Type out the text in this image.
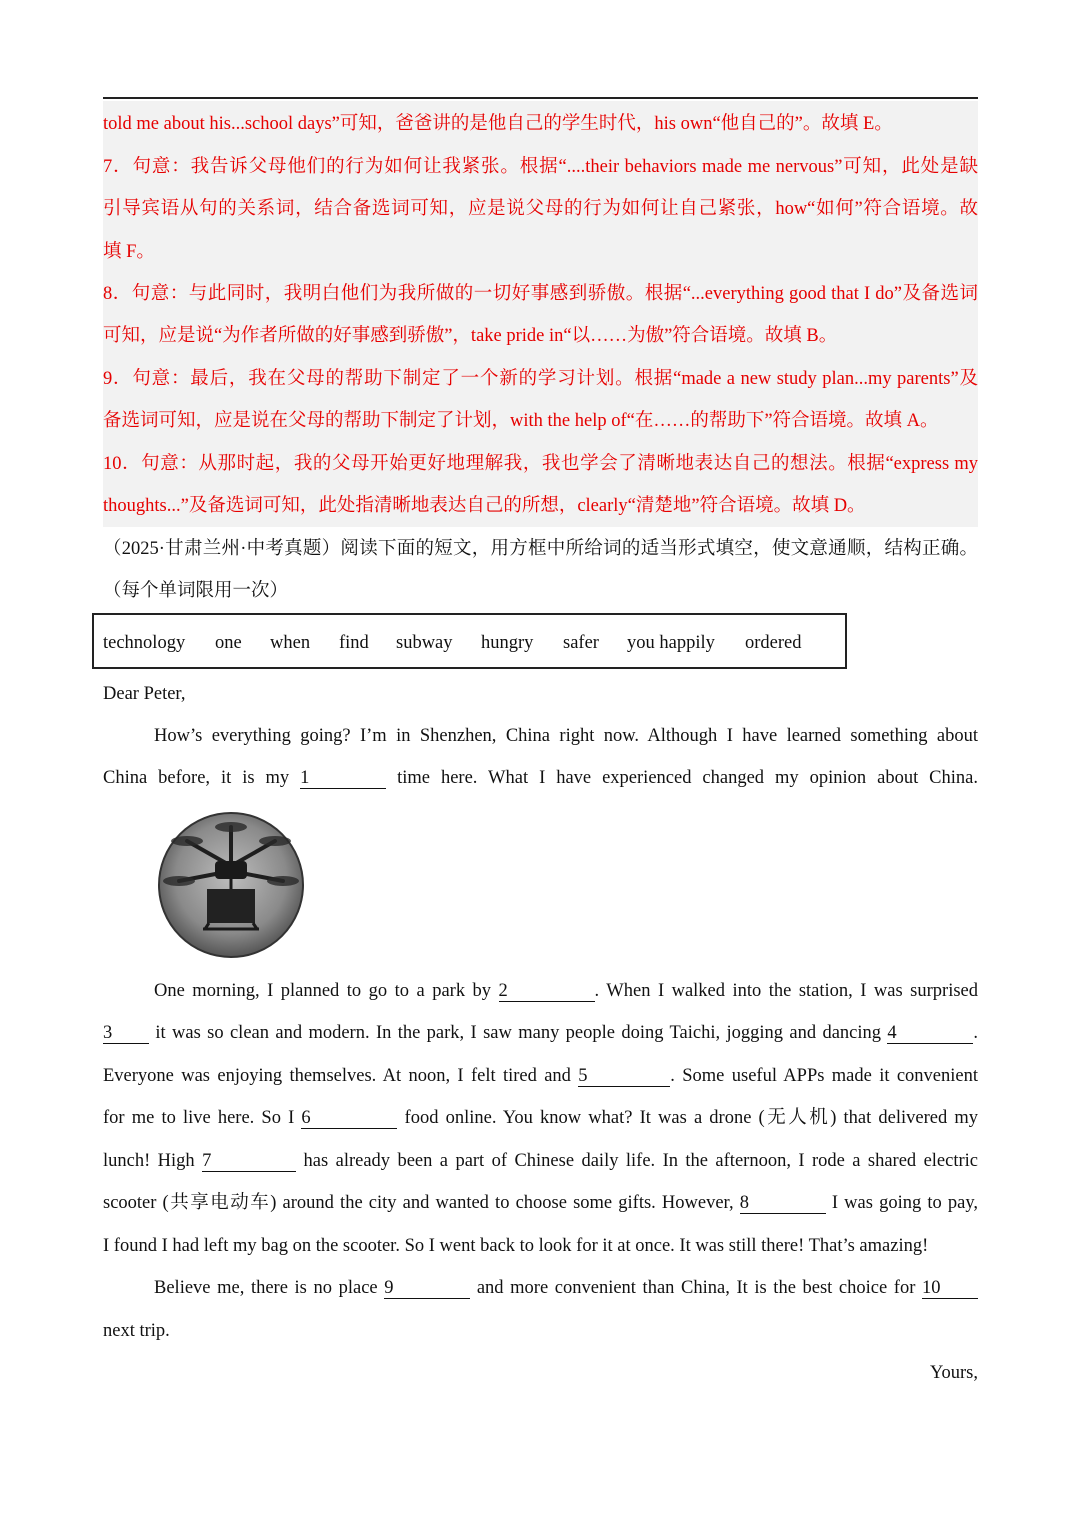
told me about his...school days”可知，爸爸讲的是他自己的学生时代，his own“他自己的”。故填 E。
7．句意：我告诉父母他们的行为如何让我紧张。根据“....their behaviors made me nervous”可知，此处是缺
引导宾语从句的关系词，结合备选词可知，应是说父母的行为如何让自己紧张，how“如何”符合语境。故
填 F。
8．句意：与此同时，我明白他们为我所做的一切好事感到骄傲。根据“...everything good that I do”及备选词
可知，应是说“为作者所做的好事感到骄傲”，take pride in“以……为傲”符合语境。故填 B。
9．句意：最后，我在父母的帮助下制定了一个新的学习计划。根据“made a new study plan...my parents”及
备选词可知，应是说在父母的帮助下制定了计划，with the help of“在……的帮助下”符合语境。故填 A。
10．句意：从那时起，我的父母开始更好地理解我，我也学会了清晰地表达自己的想法。根据“express my
thoughts...”及备选词可知，此处指清晰地表达自己的所想，clearly“清楚地”符合语境。故填 D。
（2025·甘肃兰州·中考真题）阅读下面的短文，用方框中所给词的适当形式填空，使文意通顺，结构正确。
（每个单词限用一次）
technology one when find subway hungry safer you happily ordered
Dear Peter,
How’s everything going? I’m in Shenzhen, China right now. Although I have learned something about
China before, it is my 1	time here. What I have experienced changed my opinion about China.
One morning, I planned to go to a park by 2	. When I walked into the station, I was surprised
3 it was so clean and modern. In the park, I saw many people doing Taichi, jogging and dancing 4	.
Everyone was enjoying themselves. At noon, I felt tired and 5	. Some useful APPs made it convenient
for me to live here. So I 6	food online. You know what? It was a drone (无人机) that delivered my
lunch! High 7	has already been a part of Chinese daily life. In the afternoon, I rode a shared electric
scooter (共享电动车) around the city and wanted to choose some gifts. However, 8	I was going to pay,
I found I had left my bag on the scooter. So I went back to look for it at once. It was still there! That’s amazing!
Believe me, there is no place 9	and more convenient than China, It is the best choice for 10
next trip.
Yours,
